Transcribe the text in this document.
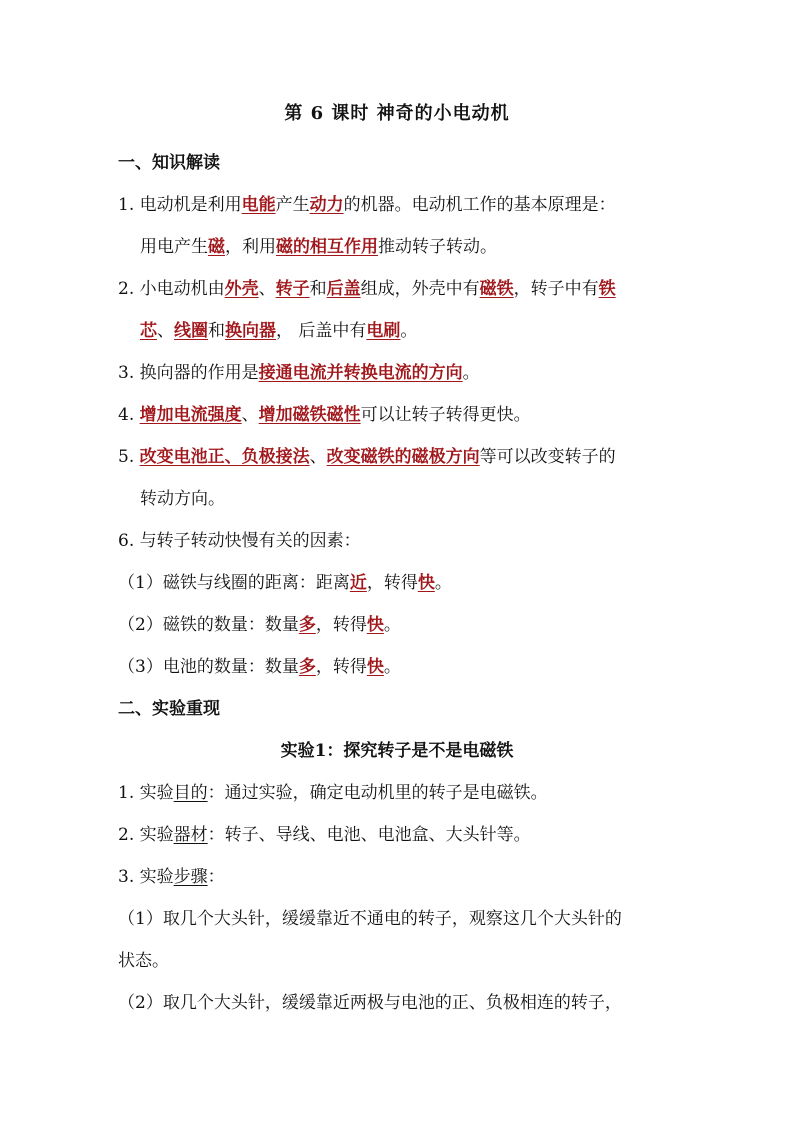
第 6 课时 神奇的小电动机
一、知识解读
1. 电动机是利用电能产生动力的机器。电动机工作的基本原理是：
用电产生磁，利用磁的相互作用推动转子转动。
2. 小电动机由外壳、转子和后盖组成，外壳中有磁铁，转子中有铁
芯、线圈和换向器， 后盖中有电刷。
3. 换向器的作用是接通电流并转换电流的方向。
4. 增加电流强度、增加磁铁磁性可以让转子转得更快。
5. 改变电池正、负极接法、改变磁铁的磁极方向等可以改变转子的
转动方向。
6. 与转子转动快慢有关的因素：
（1）磁铁与线圈的距离：距离近，转得快。
（2）磁铁的数量：数量多，转得快。
（3）电池的数量：数量多，转得快。
二、实验重现
实验1：探究转子是不是电磁铁
1. 实验目的：通过实验，确定电动机里的转子是电磁铁。
2. 实验器材：转子、导线、电池、电池盒、大头针等。
3. 实验步骤：
（1）取几个大头针，缓缓靠近不通电的转子，观察这几个大头针的
状态。
（2）取几个大头针，缓缓靠近两极与电池的正、负极相连的转子，
